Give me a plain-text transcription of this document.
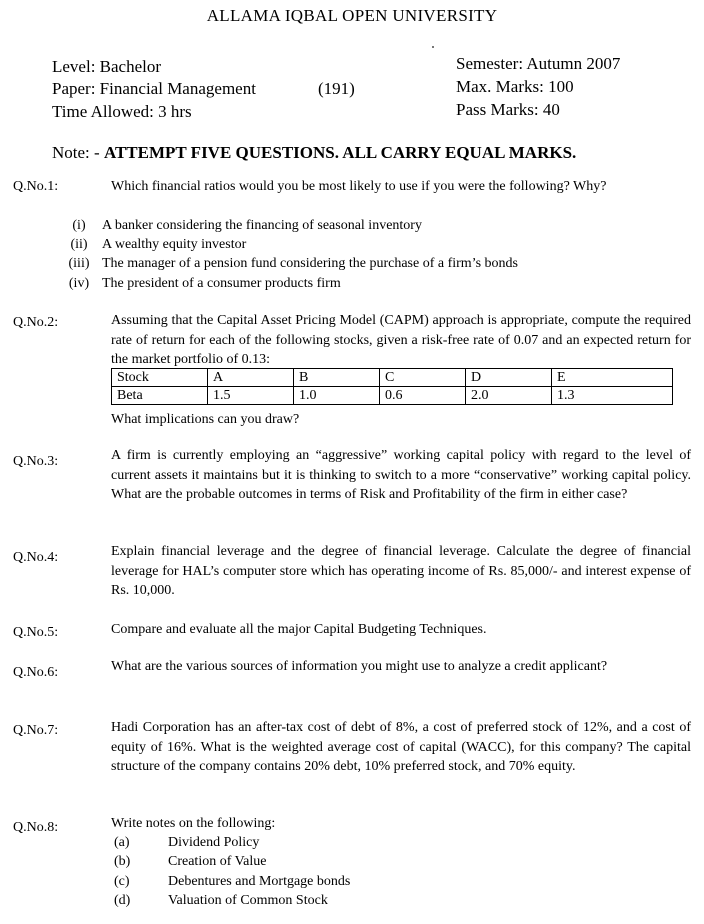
ALLAMA IQBAL OPEN UNIVERSITY
Level: Bachelor
Paper: Financial Management	(191)
Time Allowed: 3 hrs
Semester: Autumn 2007
Max. Marks: 100
Pass Marks: 40
Note: - ATTEMPT FIVE QUESTIONS. ALL CARRY EQUAL MARKS.
Q.No.1:	Which financial ratios would you be most likely to use if you were the following? Why?
(i) A banker considering the financing of seasonal inventory
(ii) A wealthy equity investor
(iii) The manager of a pension fund considering the purchase of a firm’s bonds
(iv) The president of a consumer products firm
Q.No.2:	Assuming that the Capital Asset Pricing Model (CAPM) approach is appropriate, compute the required rate of return for each of the following stocks, given a risk-free rate of 0.07 and an expected return for the market portfolio of 0.13:
Stock	A	B	C	D	E
Beta	1.5	1.0	0.6	2.0	1.3
What implications can you draw?
Q.No.3:	A firm is currently employing an “aggressive” working capital policy with regard to the level of current assets it maintains but it is thinking to switch to a more “conservative” working capital policy. What are the probable outcomes in terms of Risk and Profitability of the firm in either case?
Q.No.4:	Explain financial leverage and the degree of financial leverage. Calculate the degree of financial leverage for HAL’s computer store which has operating income of Rs. 85,000/- and interest expense of Rs. 10,000.
Q.No.5:	Compare and evaluate all the major Capital Budgeting Techniques.
Q.No.6:	What are the various sources of information you might use to analyze a credit applicant?
Q.No.7:	Hadi Corporation has an after-tax cost of debt of 8%, a cost of preferred stock of 12%, and a cost of equity of 16%. What is the weighted average cost of capital (WACC), for this company? The capital structure of the company contains 20% debt, 10% preferred stock, and 70% equity.
Q.No.8:	Write notes on the following:
(a)	Dividend Policy
(b)	Creation of Value
(c)	Debentures and Mortgage bonds
(d)	Valuation of Common Stock
